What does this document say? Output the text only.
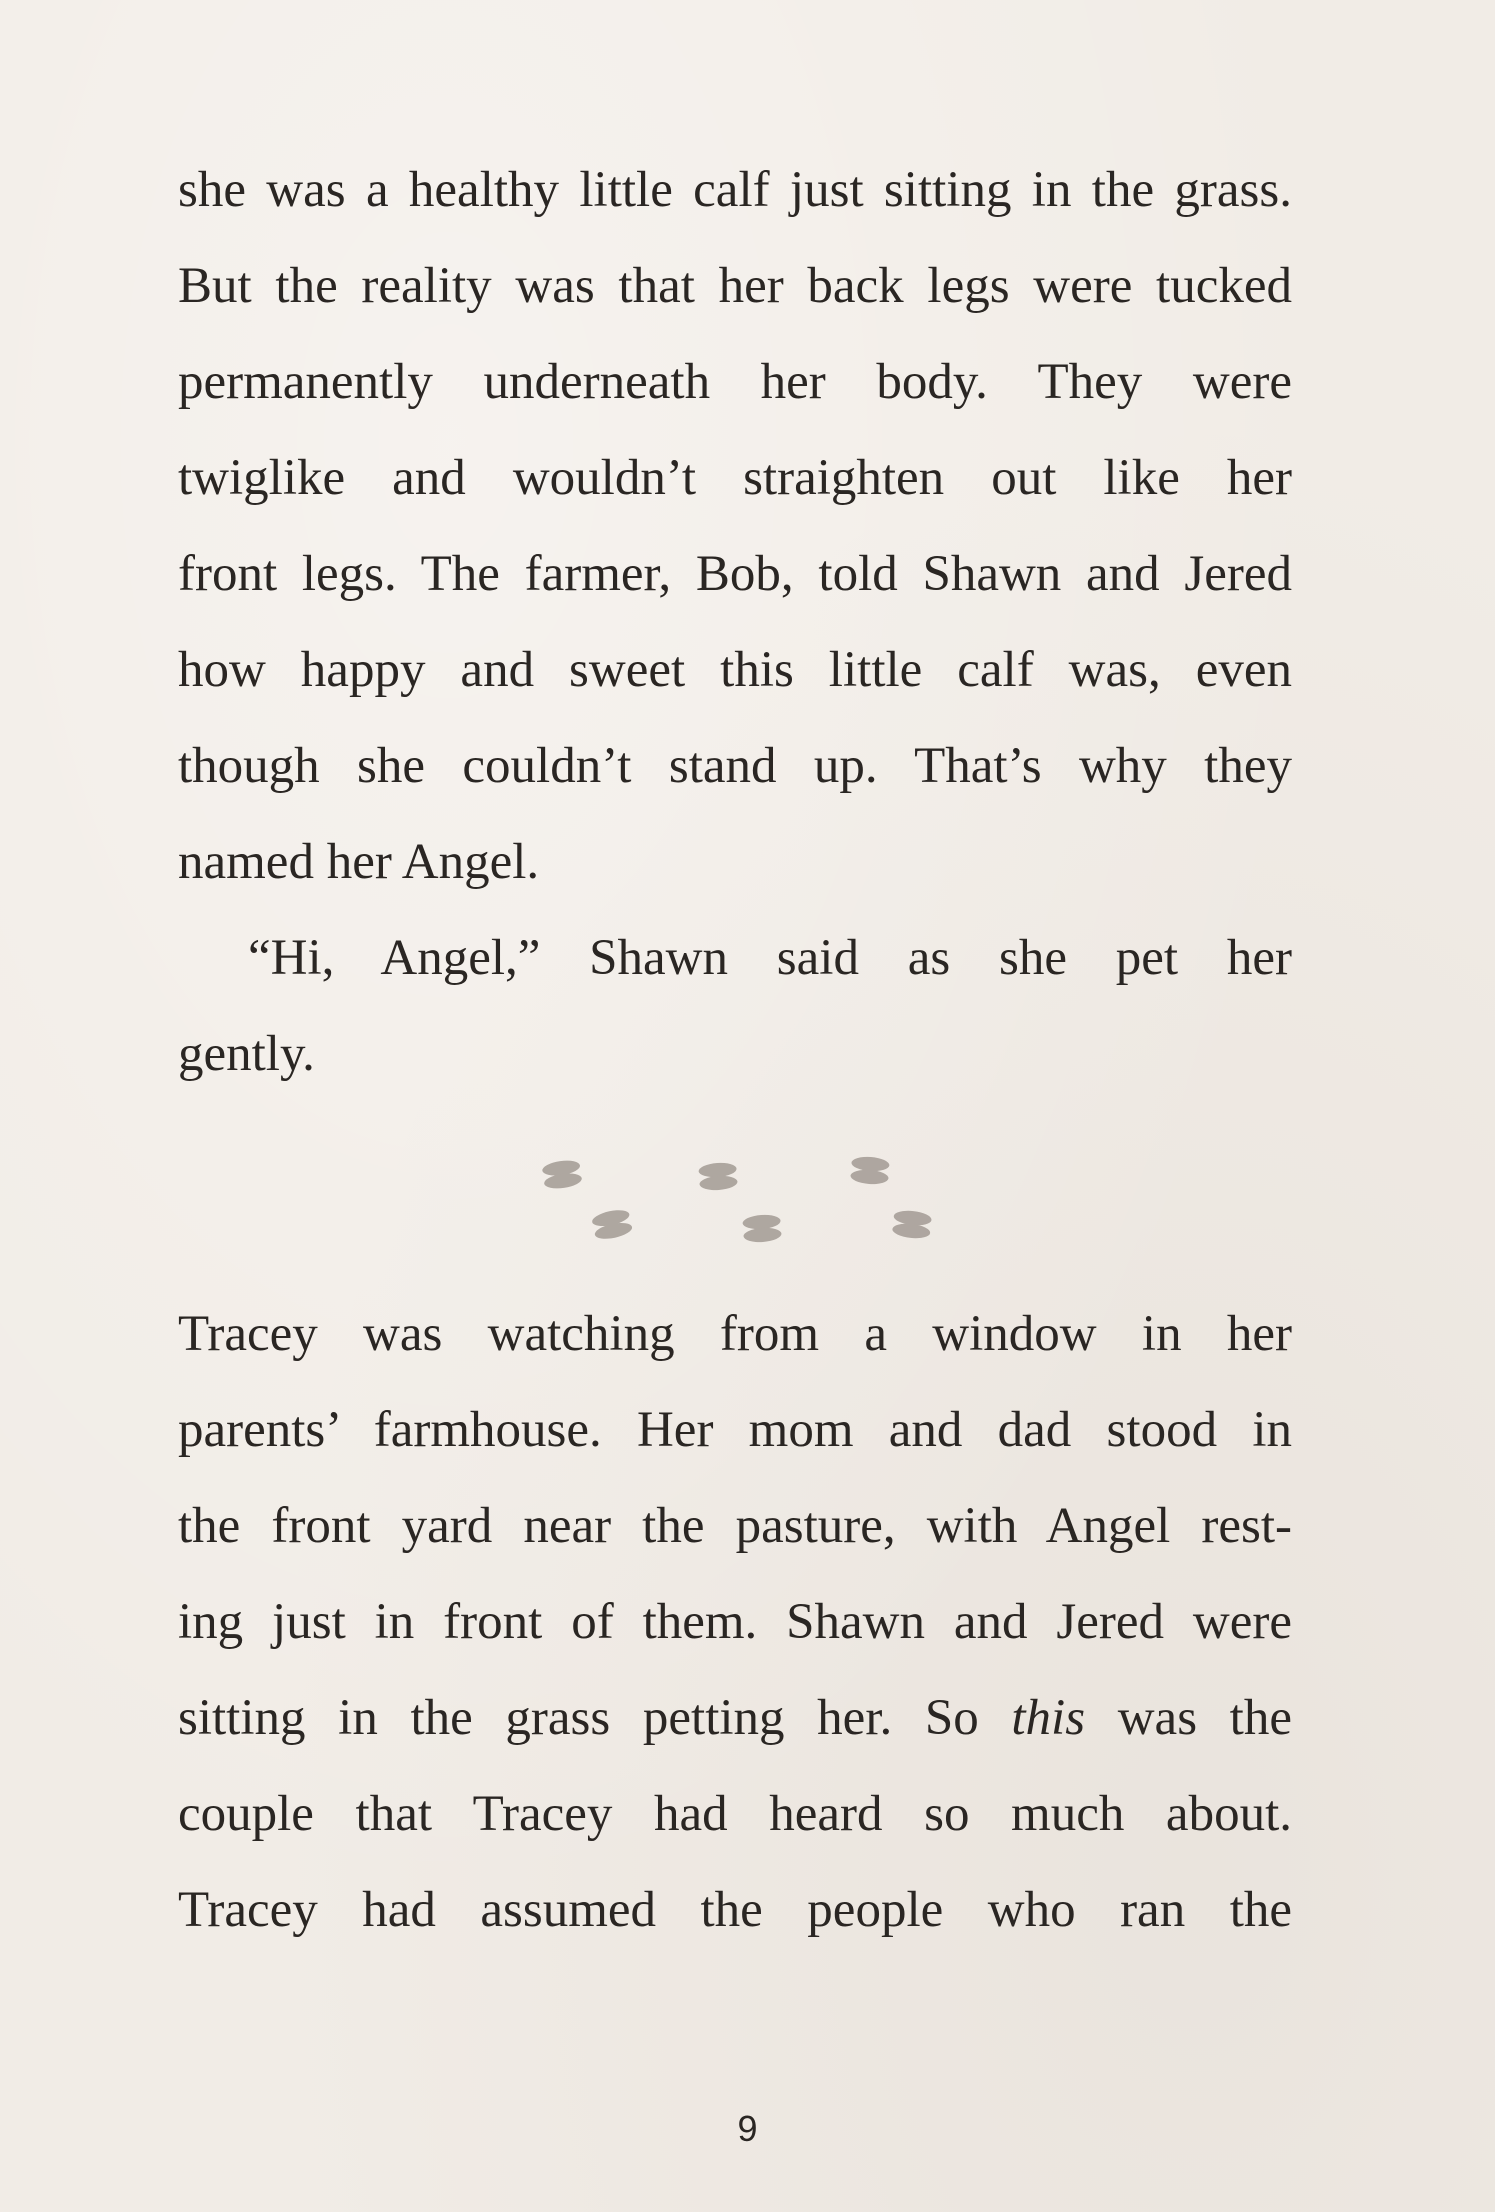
she was a healthy little calf just sitting in the grass.
But the reality was that her back legs were tucked
permanently underneath her body. They were
twiglike and wouldn’t straighten out like her
front legs. The farmer, Bob, told Shawn and Jered
how happy and sweet this little calf was, even
though she couldn’t stand up. That’s why they
named her Angel.
“Hi, Angel,” Shawn said as she pet her
gently.
Tracey was watching from a window in her
parents’ farmhouse. Her mom and dad stood in
the front yard near the pasture, with Angel rest-
ing just in front of them. Shawn and Jered were
sitting in the grass petting her. So this was the
couple that Tracey had heard so much about.
Tracey had assumed the people who ran the
9
